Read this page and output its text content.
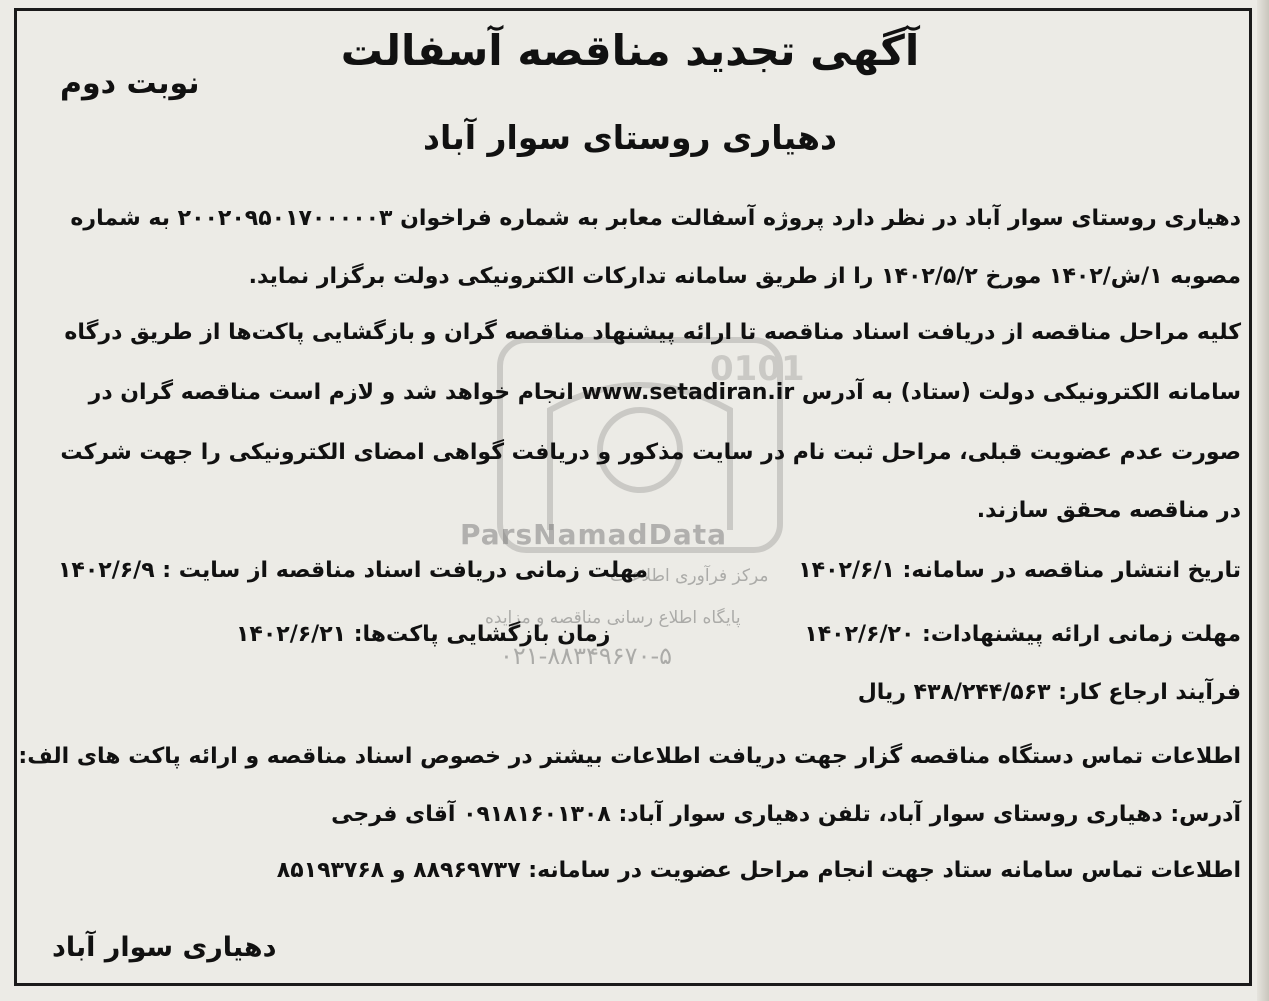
0101
ParsNamadData
مرکز فرآوری اطلاعات
پایگاه اطلاع رسانی مناقصه و مزایده
۰۲۱-۸۸۳۴۹۶۷۰-۵
آگهی تجدید مناقصه آسفالت
نوبت دوم
دهیاری روستای سوار آباد
دهیاری روستای سوار آباد در نظر دارد پروژه آسفالت معابر به شماره فراخوان ۲۰۰۲۰۹۵۰۱۷۰۰۰۰۰۳ به شماره
مصوبه ۱/ش/۱۴۰۲ مورخ ۱۴۰۲/۵/۲ را از طریق سامانه تدارکات الکترونیکی دولت برگزار نماید.
کلیه مراحل مناقصه از دریافت اسناد مناقصه تا ارائه پیشنهاد مناقصه گران و بازگشایی پاکت‌ها از طریق درگاه
سامانه الکترونیکی دولت (ستاد) به آدرس www.setadiran.ir انجام خواهد شد و لازم است مناقصه گران در
صورت عدم عضویت قبلی، مراحل ثبت نام در سایت مذکور و دریافت گواهی امضای الکترونیکی را جهت شرکت
در مناقصه محقق سازند.
تاریخ انتشار مناقصه در سامانه: ۱۴۰۲/۶/۱
مهلت زمانی دریافت اسناد مناقصه از سایت : ۱۴۰۲/۶/۹
مهلت زمانی ارائه پیشنهادات: ۱۴۰۲/۶/۲۰
زمان بازگشایی پاکت‌ها: ۱۴۰۲/۶/۲۱
فرآیند ارجاع کار: ۴۳۸/۲۴۴/۵۶۳ ریال
اطلاعات تماس دستگاه مناقصه گزار جهت دریافت اطلاعات بیشتر در خصوص اسناد مناقصه و ارائه پاکت های الف:
آدرس: دهیاری روستای سوار آباد، تلفن دهیاری سوار آباد: ۰۹۱۸۱۶۰۱۳۰۸ آقای فرجی
اطلاعات تماس سامانه ستاد جهت انجام مراحل عضویت در سامانه: ۸۸۹۶۹۷۳۷ و ۸۵۱۹۳۷۶۸
دهیاری سوار آباد
